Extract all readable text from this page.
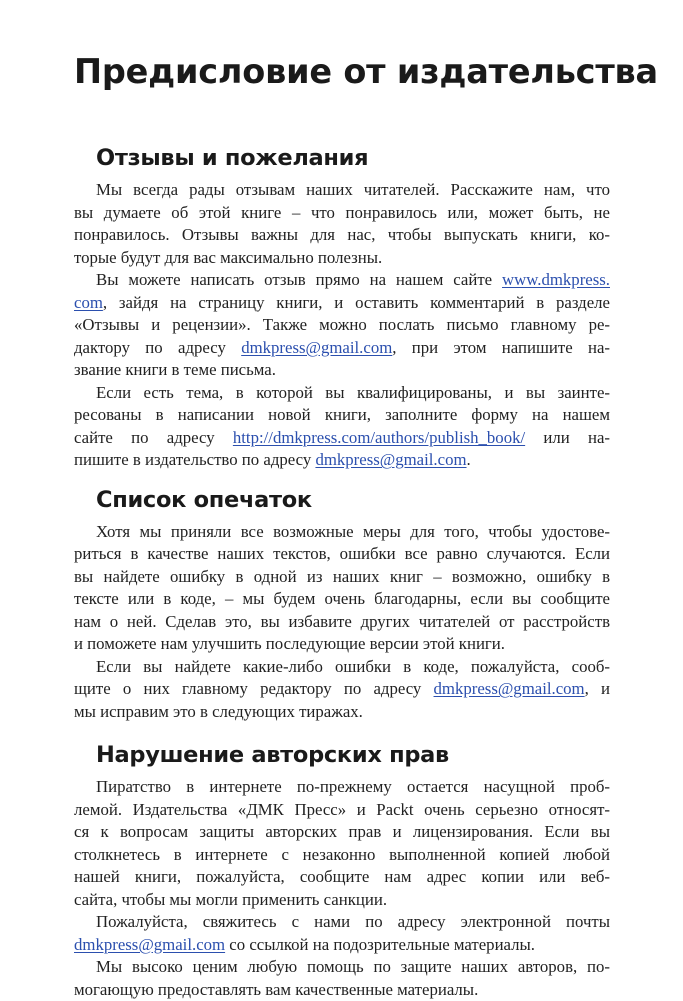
Предисловие от издательства
Отзывы и пожелания
Мы всегда рады отзывам наших читателей. Расскажите нам, что
вы думаете об этой книге – что понравилось или, может быть, не
понравилось. Отзывы важны для нас, чтобы выпускать книги, ко-
торые будут для вас максимально полезны.
Вы можете написать отзыв прямо на нашем сайте www.dmkpress.
com, зайдя на страницу книги, и оставить комментарий в разделе
«Отзывы и рецензии». Также можно послать письмо главному ре-
дактору по адресу dmkpress@gmail.com, при этом напишите на-
звание книги в теме письма.
Если есть тема, в которой вы квалифицированы, и вы заинте-
ресованы в написании новой книги, заполните форму на нашем
сайте по адресу http://dmkpress.com/authors/publish_book/ или на-
пишите в издательство по адресу dmkpress@gmail.com.
Список опечаток
Хотя мы приняли все возможные меры для того, чтобы удостове-
риться в качестве наших текстов, ошибки все равно случаются. Если
вы найдете ошибку в одной из наших книг – возможно, ошибку в
тексте или в коде, – мы будем очень благодарны, если вы сообщите
нам о ней. Сделав это, вы избавите других читателей от расстройств
и поможете нам улучшить последующие версии этой книги.
Если вы найдете какие-либо ошибки в коде, пожалуйста, сооб-
щите о них главному редактору по адресу dmkpress@gmail.com, и
мы исправим это в следующих тиражах.
Нарушение авторских прав
Пиратство в интернете по-прежнему остается насущной проб-
лемой. Издательства «ДМК Пресс» и Packt очень серьезно относят-
ся к вопросам защиты авторских прав и лицензирования. Если вы
столкнетесь в интернете с незаконно выполненной копией любой
нашей книги, пожалуйста, сообщите нам адрес копии или веб-
сайта, чтобы мы могли применить санкции.
Пожалуйста, свяжитесь с нами по адресу электронной почты
dmkpress@gmail.com со ссылкой на подозрительные материалы.
Мы высоко ценим любую помощь по защите наших авторов, по-
могающую предоставлять вам качественные материалы.
